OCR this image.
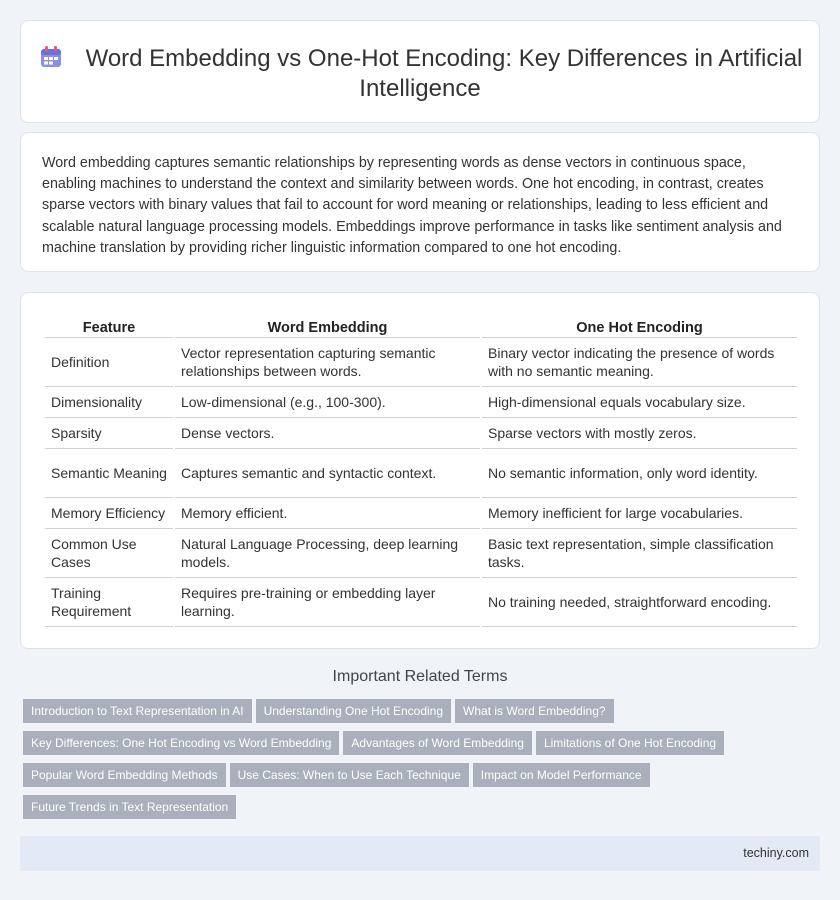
Word Embedding vs One-Hot Encoding: Key Differences in Artificial Intelligence

Word embedding captures semantic relationships by representing words as dense vectors in continuous space, enabling machines to understand the context and similarity between words. One hot encoding, in contrast, creates sparse vectors with binary values that fail to account for word meaning or relationships, leading to less efficient and scalable natural language processing models. Embeddings improve performance in tasks like sentiment analysis and machine translation by providing richer linguistic information compared to one hot encoding.

Feature	Word Embedding	One Hot Encoding
Definition	Vector representation capturing semantic relationships between words.	Binary vector indicating the presence of words with no semantic meaning.
Dimensionality	Low-dimensional (e.g., 100-300).	High-dimensional equals vocabulary size.
Sparsity	Dense vectors.	Sparse vectors with mostly zeros.
Semantic Meaning	Captures semantic and syntactic context.	No semantic information, only word identity.
Memory Efficiency	Memory efficient.	Memory inefficient for large vocabularies.
Common Use Cases	Natural Language Processing, deep learning models.	Basic text representation, simple classification tasks.
Training Requirement	Requires pre-training or embedding layer learning.	No training needed, straightforward encoding.
Important Related Terms
Introduction to Text Representation in AI Understanding One Hot Encoding What is Word Embedding?
Key Differences: One Hot Encoding vs Word Embedding Advantages of Word Embedding Limitations of One Hot Encoding
Popular Word Embedding Methods Use Cases: When to Use Each Technique Impact on Model Performance
Future Trends in Text Representation
techiny.com
